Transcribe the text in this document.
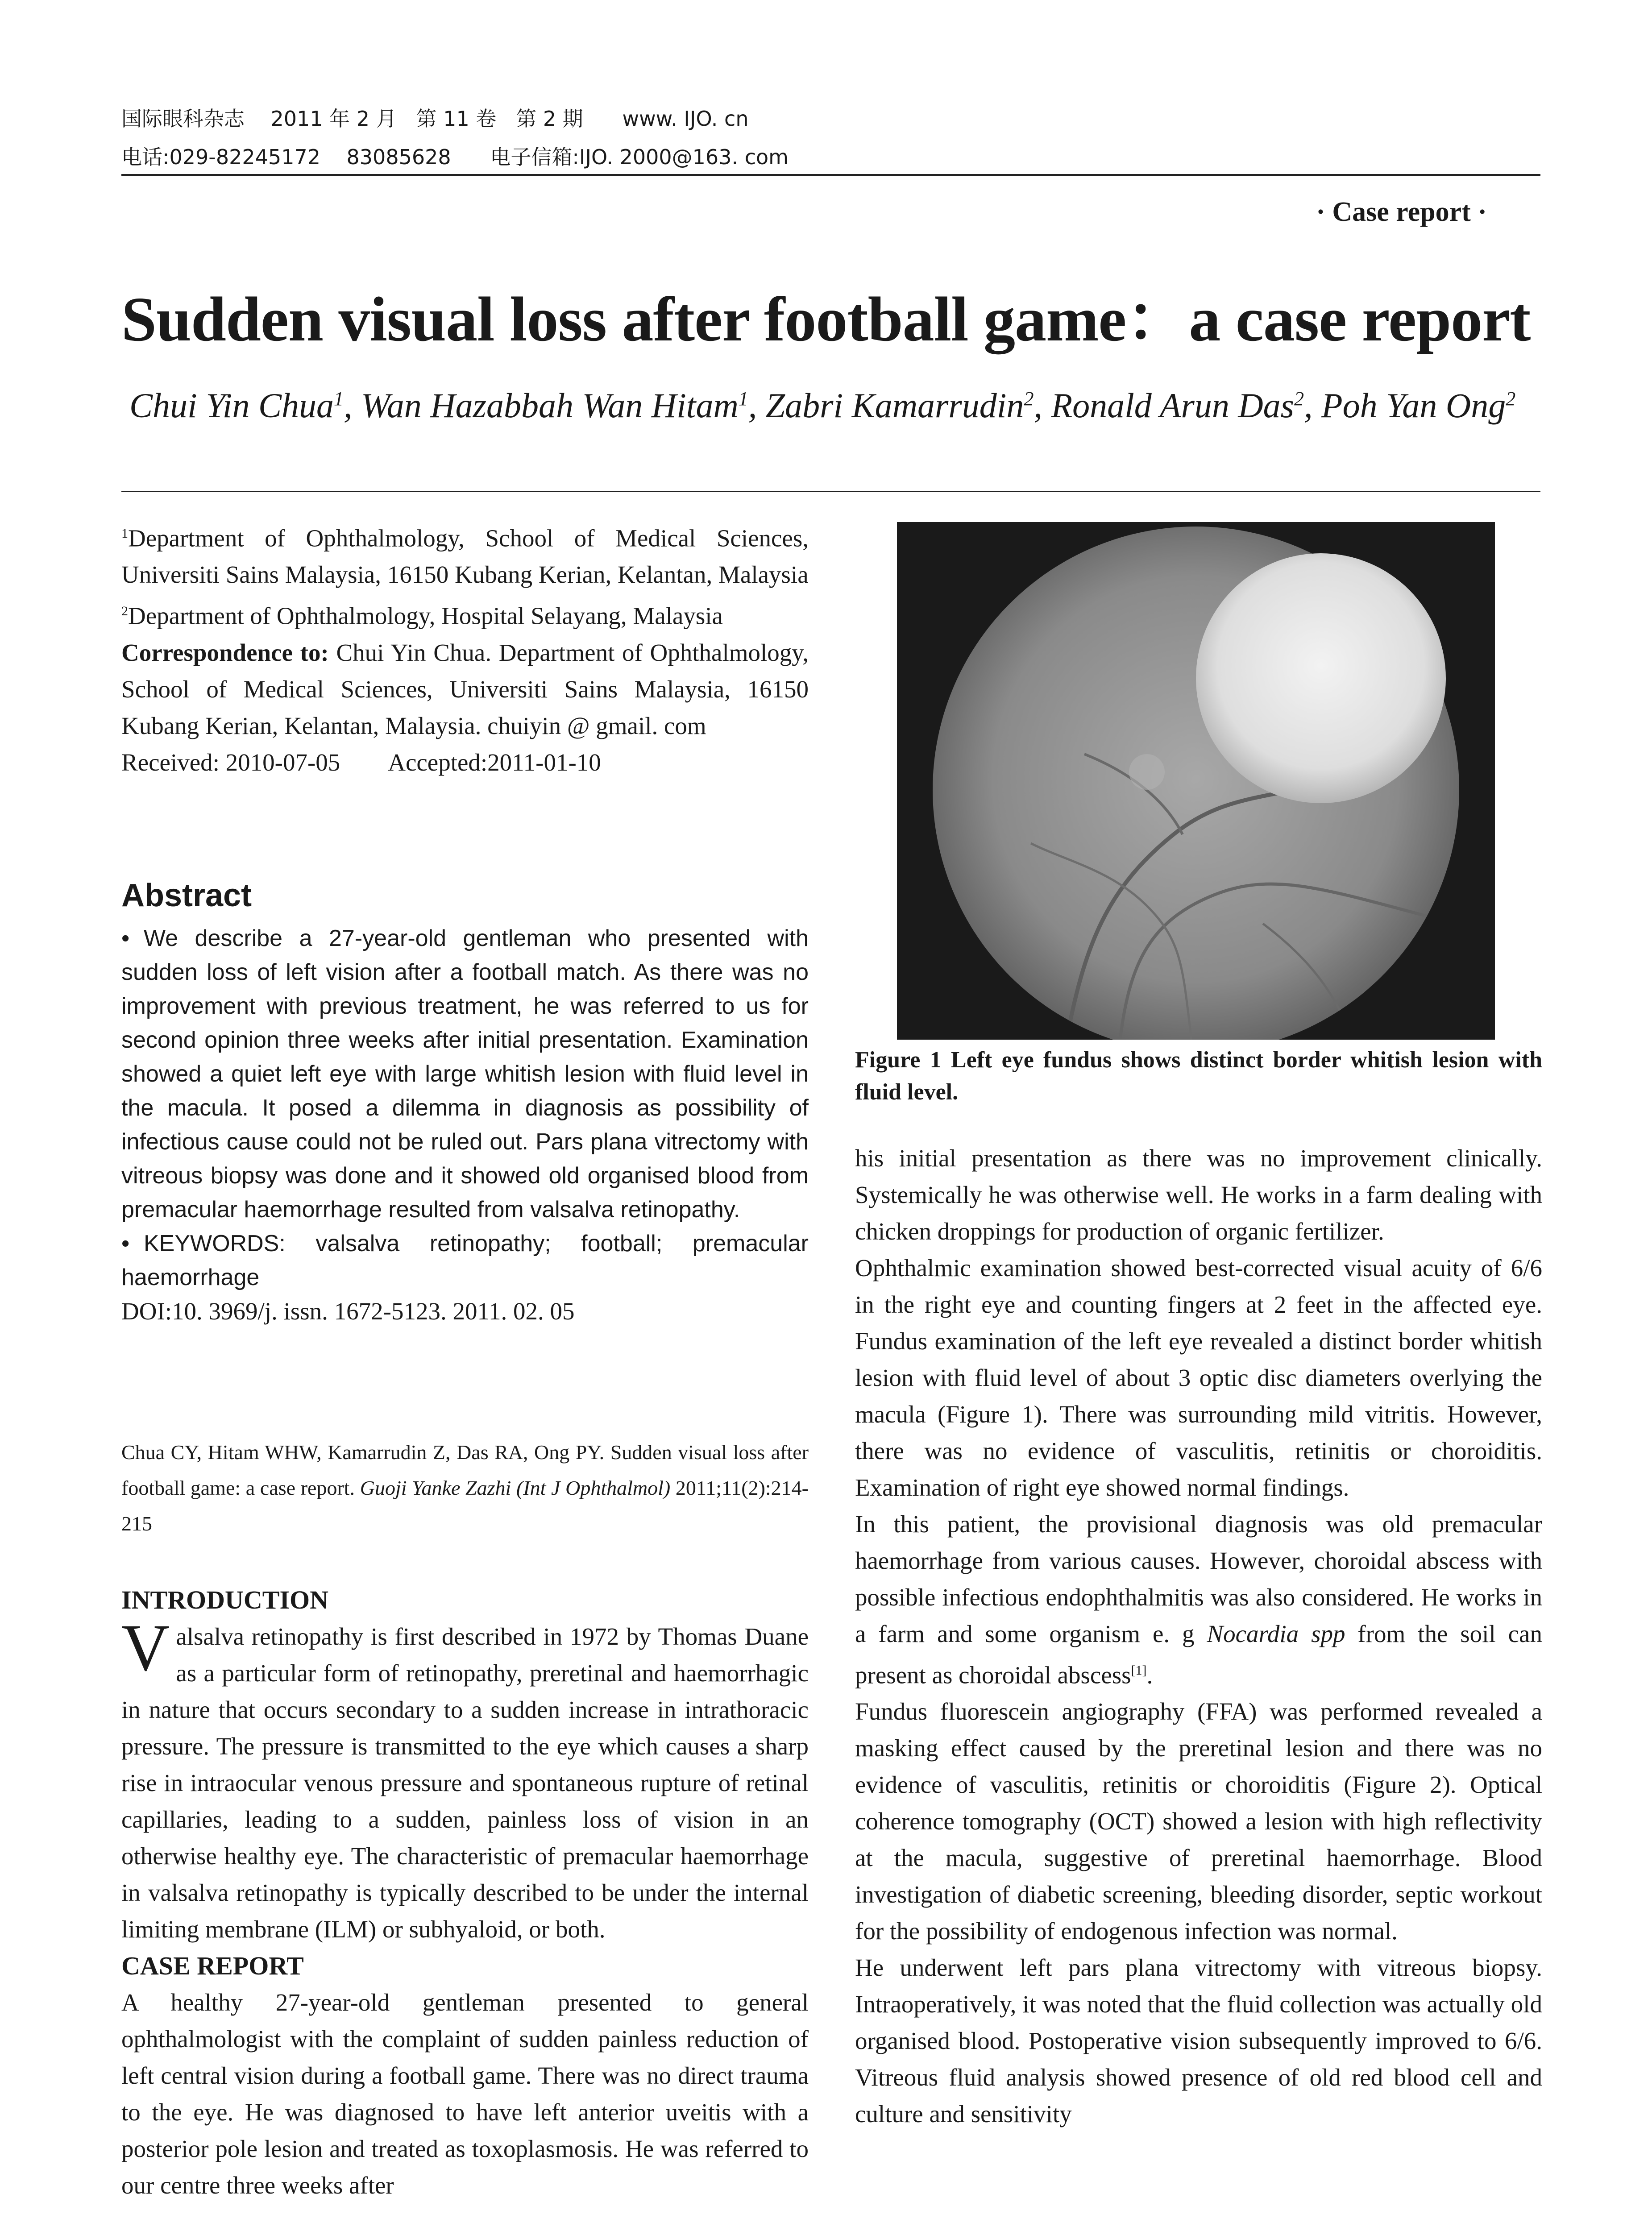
国际眼科杂志    2011 年 2 月   第 11 卷   第 2 期      www. IJO. cn
电话:029-82245172    83085628      电子信箱:IJO. 2000@163. com
· Case report ·
Sudden visual loss after football game：a case report
Chui Yin Chua$^1$, Wan Hazabbah Wan Hitam$^1$, Zabri Kamarrudin$^2$, Ronald Arun Das$^2$, Poh Yan Ong$^2$
$^1$Department of Ophthalmology, School of Medical Sciences, Universiti Sains Malaysia, 16150 Kubang Kerian, Kelantan, Malaysia
$^2$Department of Ophthalmology, Hospital Selayang, Malaysia
Correspondence to: Chui Yin Chua. Department of Ophthalmology, School of Medical Sciences, Universiti Sains Malaysia, 16150 Kubang Kerian, Kelantan, Malaysia. chuiyin @ gmail. com
Received: 2010-07-05        Accepted:2011-01-10
Abstract
• We describe a 27-year-old gentleman who presented with sudden loss of left vision after a football match. As there was no improvement with previous treatment, he was referred to us for second opinion three weeks after initial presentation. Examination showed a quiet left eye with large whitish lesion with fluid level in the macula. It posed a dilemma in diagnosis as possibility of infectious cause could not be ruled out. Pars plana vitrectomy with vitreous biopsy was done and it showed old organised blood from premacular haemorrhage resulted from valsalva retinopathy.
• KEYWORDS: valsalva retinopathy; football; premacular haemorrhage
DOI:10. 3969/j. issn. 1672-5123. 2011. 02. 05
Chua CY, Hitam WHW, Kamarrudin Z, Das RA, Ong PY. Sudden visual loss after football game: a case report. Guoji Yanke Zazhi (Int J Ophthalmol) 2011;11(2):214-215
INTRODUCTION
Valsalva retinopathy is first described in 1972 by Thomas Duane as a particular form of retinopathy, preretinal and haemorrhagic in nature that occurs secondary to a sudden increase in intrathoracic pressure. The pressure is transmitted to the eye which causes a sharp rise in intraocular venous pressure and spontaneous rupture of retinal capillaries, leading to a sudden, painless loss of vision in an otherwise healthy eye. The characteristic of premacular haemorrhage in valsalva retinopathy is typically described to be under the internal limiting membrane (ILM) or subhyaloid, or both.
CASE REPORT
A healthy 27-year-old gentleman presented to general ophthalmologist with the complaint of sudden painless reduction of left central vision during a football game. There was no direct trauma to the eye. He was diagnosed to have left anterior uveitis with a posterior pole lesion and treated as toxoplasmosis. He was referred to our centre three weeks after
Figure 1 Left eye fundus shows distinct border whitish lesion with fluid level.
his initial presentation as there was no improvement clinically. Systemically he was otherwise well. He works in a farm dealing with chicken droppings for production of organic fertilizer.
Ophthalmic examination showed best-corrected visual acuity of 6/6 in the right eye and counting fingers at 2 feet in the affected eye. Fundus examination of the left eye revealed a distinct border whitish lesion with fluid level of about 3 optic disc diameters overlying the macula (Figure 1). There was surrounding mild vitritis. However, there was no evidence of vasculitis, retinitis or choroiditis. Examination of right eye showed normal findings.
In this patient, the provisional diagnosis was old premacular haemorrhage from various causes. However, choroidal abscess with possible infectious endophthalmitis was also considered. He works in a farm and some organism e. g Nocardia spp from the soil can present as choroidal abscess[1].
Fundus fluorescein angiography (FFA) was performed revealed a masking effect caused by the preretinal lesion and there was no evidence of vasculitis, retinitis or choroiditis (Figure 2). Optical coherence tomography (OCT) showed a lesion with high reflectivity at the macula, suggestive of preretinal haemorrhage. Blood investigation of diabetic screening, bleeding disorder, septic workout for the possibility of endogenous infection was normal.
He underwent left pars plana vitrectomy with vitreous biopsy. Intraoperatively, it was noted that the fluid collection was actually old organised blood. Postoperative vision subsequently improved to 6/6. Vitreous fluid analysis showed presence of old red blood cell and culture and sensitivity
